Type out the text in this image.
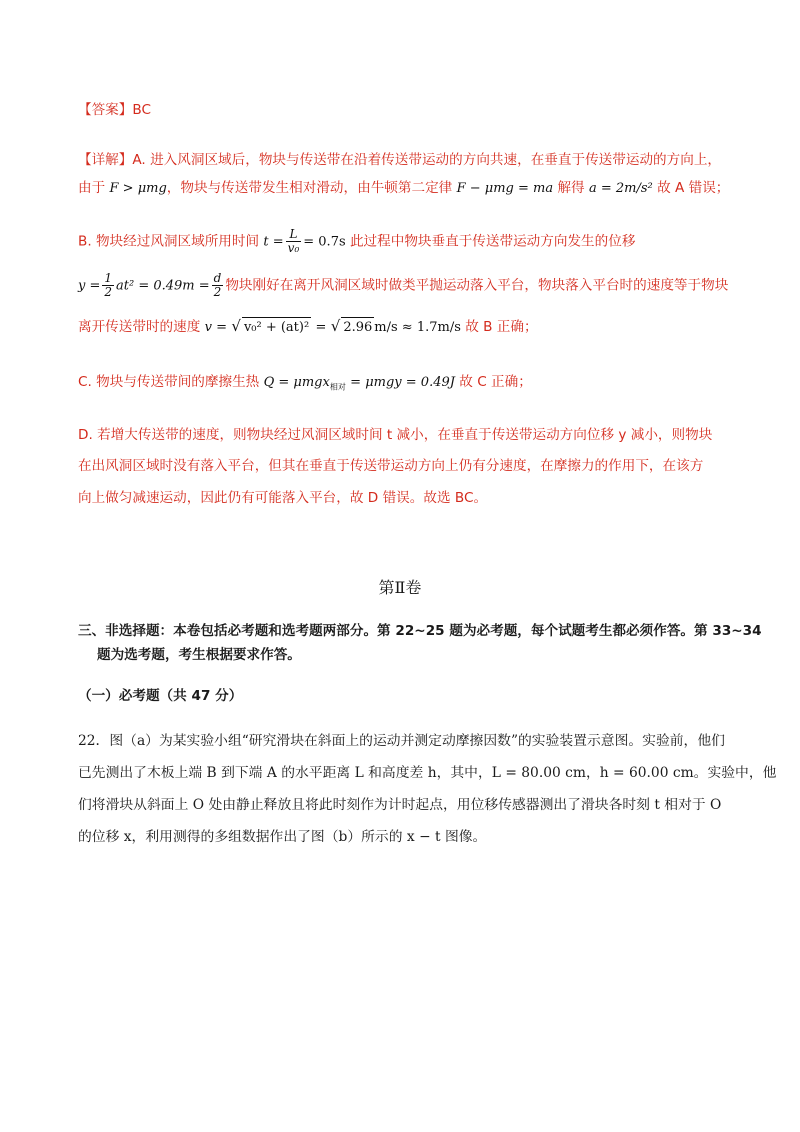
【答案】BC
【详解】A. 进入风洞区域后，物块与传送带在沿着传送带运动的方向共速，在垂直于传送带运动的方向上，
由于 F > μmg，物块与传送带发生相对滑动，由牛顿第二定律 F − μmg = ma 解得 a = 2m/s² 故 A 错误；
B. 物块经过风洞区域所用时间 $t = \frac{L}{\text{v₀}} = 0.7s$ 此过程中物块垂直于传送带运动方向发生的位移
$y = \frac{1}{2} at^2 = 0.49m = \frac{d}{2}$ 物块刚好在离开风洞区域时做类平抛运动落入平台，物块落入平台时的速度等于物块
离开传送带时的速度 v = √ v₀² + (at)² = √ 2.96 m/s ≈ 1.7m/s 故 B 正确；
C. 物块与传送带间的摩擦生热 Q = μmgx$_{相对}$ = μmgy = 0.49J 故 C 正确；
D. 若增大传送带的速度，则物块经过风洞区域时间 t 减小，在垂直于传送带运动方向位移 y 减小，则物块
在出风洞区域时没有落入平台，但其在垂直于传送带运动方向上仍有分速度，在摩擦力的作用下，在该方
向上做匀减速运动，因此仍有可能落入平台，故 D 错误。故选 BC。
第Ⅱ卷
三、非选择题：本卷包括必考题和选考题两部分。第 22~25 题为必考题，每个试题考生都必须作答。第 33~34
题为选考题，考生根据要求作答。
（一）必考题（共 47 分）
22．图（a）为某实验小组“研究滑块在斜面上的运动并测定动摩擦因数”的实验装置示意图。实验前，他们
已先测出了木板上端 B 到下端 A 的水平距离 L 和高度差 h，其中，L = 80.00 cm，h = 60.00 cm。实验中，他
们将滑块从斜面上 O 处由静止释放且将此时刻作为计时起点，用位移传感器测出了滑块各时刻 t 相对于 O
的位移 x，利用测得的多组数据作出了图（b）所示的 x − t 图像。
